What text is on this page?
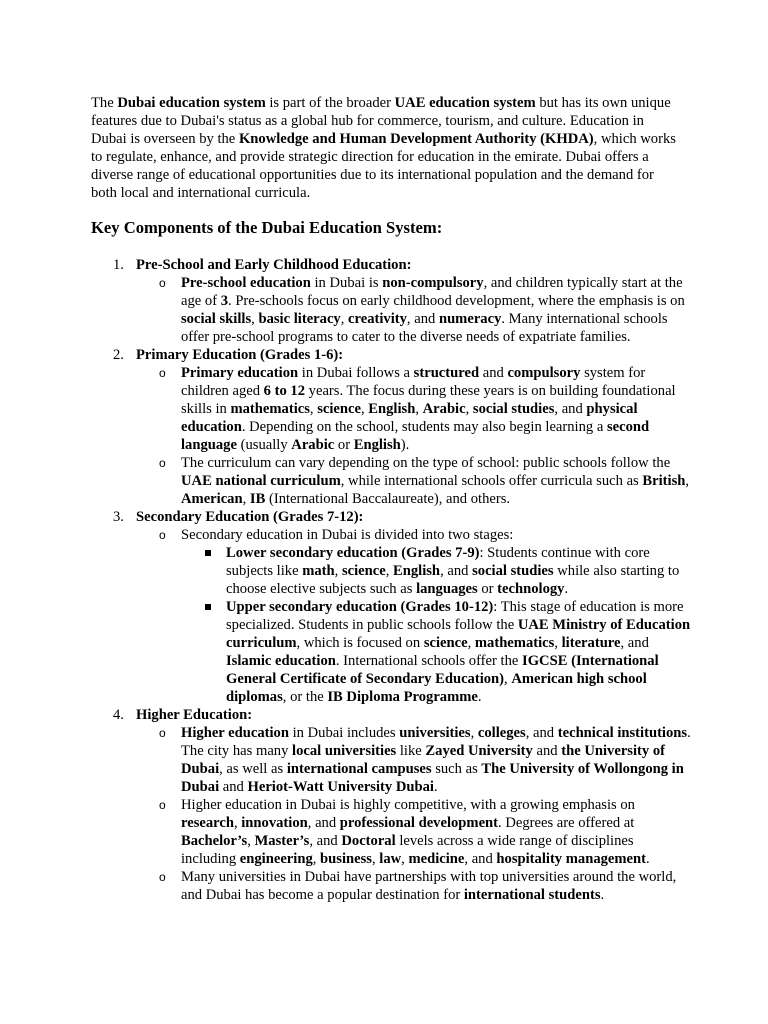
The Dubai education system is part of the broader UAE education system but has its own unique features due to Dubai's status as a global hub for commerce, tourism, and culture. Education in Dubai is overseen by the Knowledge and Human Development Authority (KHDA), which works to regulate, enhance, and provide strategic direction for education in the emirate. Dubai offers a diverse range of educational opportunities due to its international population and the demand for both local and international curricula.

Key Components of the Dubai Education System:
1. Pre-School and Early Childhood Education:
o Pre-school education in Dubai is non-compulsory, and children typically start at the age of 3. Pre-schools focus on early childhood development, where the emphasis is on social skills, basic literacy, creativity, and numeracy. Many international schools offer pre-school programs to cater to the diverse needs of expatriate families.
2. Primary Education (Grades 1-6):
o Primary education in Dubai follows a structured and compulsory system for children aged 6 to 12 years. The focus during these years is on building foundational skills in mathematics, science, English, Arabic, social studies, and physical education. Depending on the school, students may also begin learning a second language (usually Arabic or English).
o The curriculum can vary depending on the type of school: public schools follow the UAE national curriculum, while international schools offer curricula such as British, American, IB (International Baccalaureate), and others.
3. Secondary Education (Grades 7-12):
o Secondary education in Dubai is divided into two stages:
Lower secondary education (Grades 7-9): Students continue with core subjects like math, science, English, and social studies while also starting to choose elective subjects such as languages or technology.
Upper secondary education (Grades 10-12): This stage of education is more specialized. Students in public schools follow the UAE Ministry of Education curriculum, which is focused on science, mathematics, literature, and Islamic education. International schools offer the IGCSE (International General Certificate of Secondary Education), American high school diplomas, or the IB Diploma Programme.
4. Higher Education:
o Higher education in Dubai includes universities, colleges, and technical institutions. The city has many local universities like Zayed University and the University of Dubai, as well as international campuses such as The University of Wollongong in Dubai and Heriot-Watt University Dubai.
o Higher education in Dubai is highly competitive, with a growing emphasis on research, innovation, and professional development. Degrees are offered at Bachelor’s, Master’s, and Doctoral levels across a wide range of disciplines including engineering, business, law, medicine, and hospitality management.
o Many universities in Dubai have partnerships with top universities around the world, and Dubai has become a popular destination for international students.
